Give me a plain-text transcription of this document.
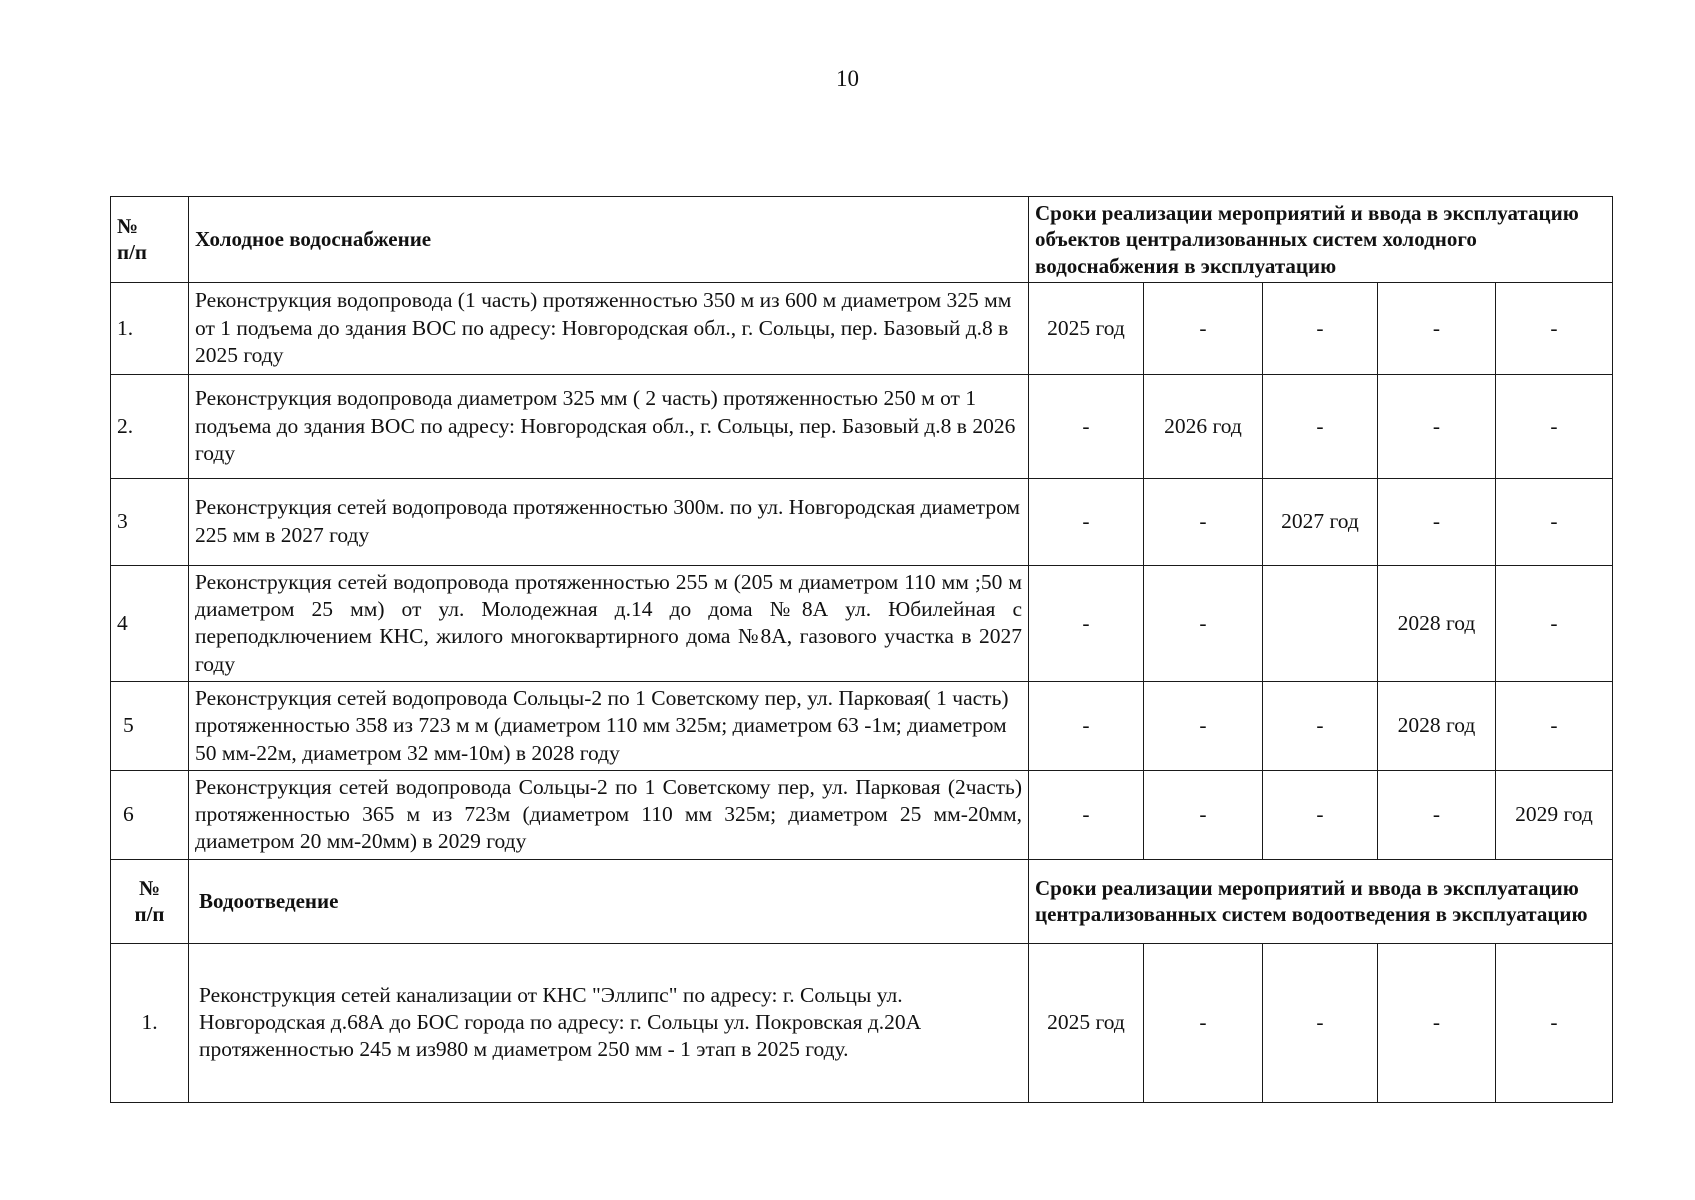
10
№
п/п	Холодное водоснабжение	Сроки реализации мероприятий и ввода в эксплуатацию объектов централизованных систем холодного водоснабжения в эксплуатацию				
1.	Реконструкция водопровода (1 часть) протяженностью 350 м из 600 м диаметром 325 мм от 1 подъема до здания ВОС по адресу: Новгородская обл., г. Сольцы, пер. Базовый д.8 в 2025 году	2025 год	-	-	-	-
2.	Реконструкция водопровода диаметром 325 мм ( 2 часть) протяженностью 250 м от 1 подъема до здания ВОС по адресу: Новгородская обл., г. Сольцы, пер. Базовый д.8 в 2026 году	-	2026 год	-	-	-
3	Реконструкция сетей водопровода протяженностью 300м. по ул. Новгородская диаметром 225 мм в 2027 году	-	-	2027 год	-	-
4	Реконструкция сетей водопровода протяженностью 255 м (205 м диаметром 110 мм ;50 м диаметром 25 мм) от ул. Молодежная д.14 до дома №8А ул. Юбилейная с переподключением КНС, жилого многоквартирного дома №8А, газового участка в 2027 году	-	-		2028 год	-
5	Реконструкция сетей водопровода Сольцы-2 по 1 Советскому пер, ул. Парковая( 1 часть) протяженностью 358 из 723 м м (диаметром 110 мм 325м; диаметром 63 -1м; диаметром 50 мм-22м, диаметром 32 мм-10м) в 2028 году	-	-	-	2028 год	-
6	Реконструкция сетей водопровода Сольцы-2 по 1 Советскому пер, ул. Парковая (2часть) протяженностью 365 м из 723м (диаметром 110 мм 325м; диаметром 25 мм-20мм, диаметром 20 мм-20мм) в 2029 году	-	-	-	-	2029 год
№
п/п	Водоотведение	Сроки реализации мероприятий и ввода в эксплуатацию централизованных систем водоотведения в эксплуатацию				
1.	Реконструкция сетей канализации от КНС "Эллипс" по адресу: г. Сольцы ул. Новгородская д.68А до БОС города по адресу: г. Сольцы ул. Покровская д.20А протяженностью 245 м из980 м диаметром 250 мм - 1 этап в 2025 году.	2025 год	-	-	-	-
